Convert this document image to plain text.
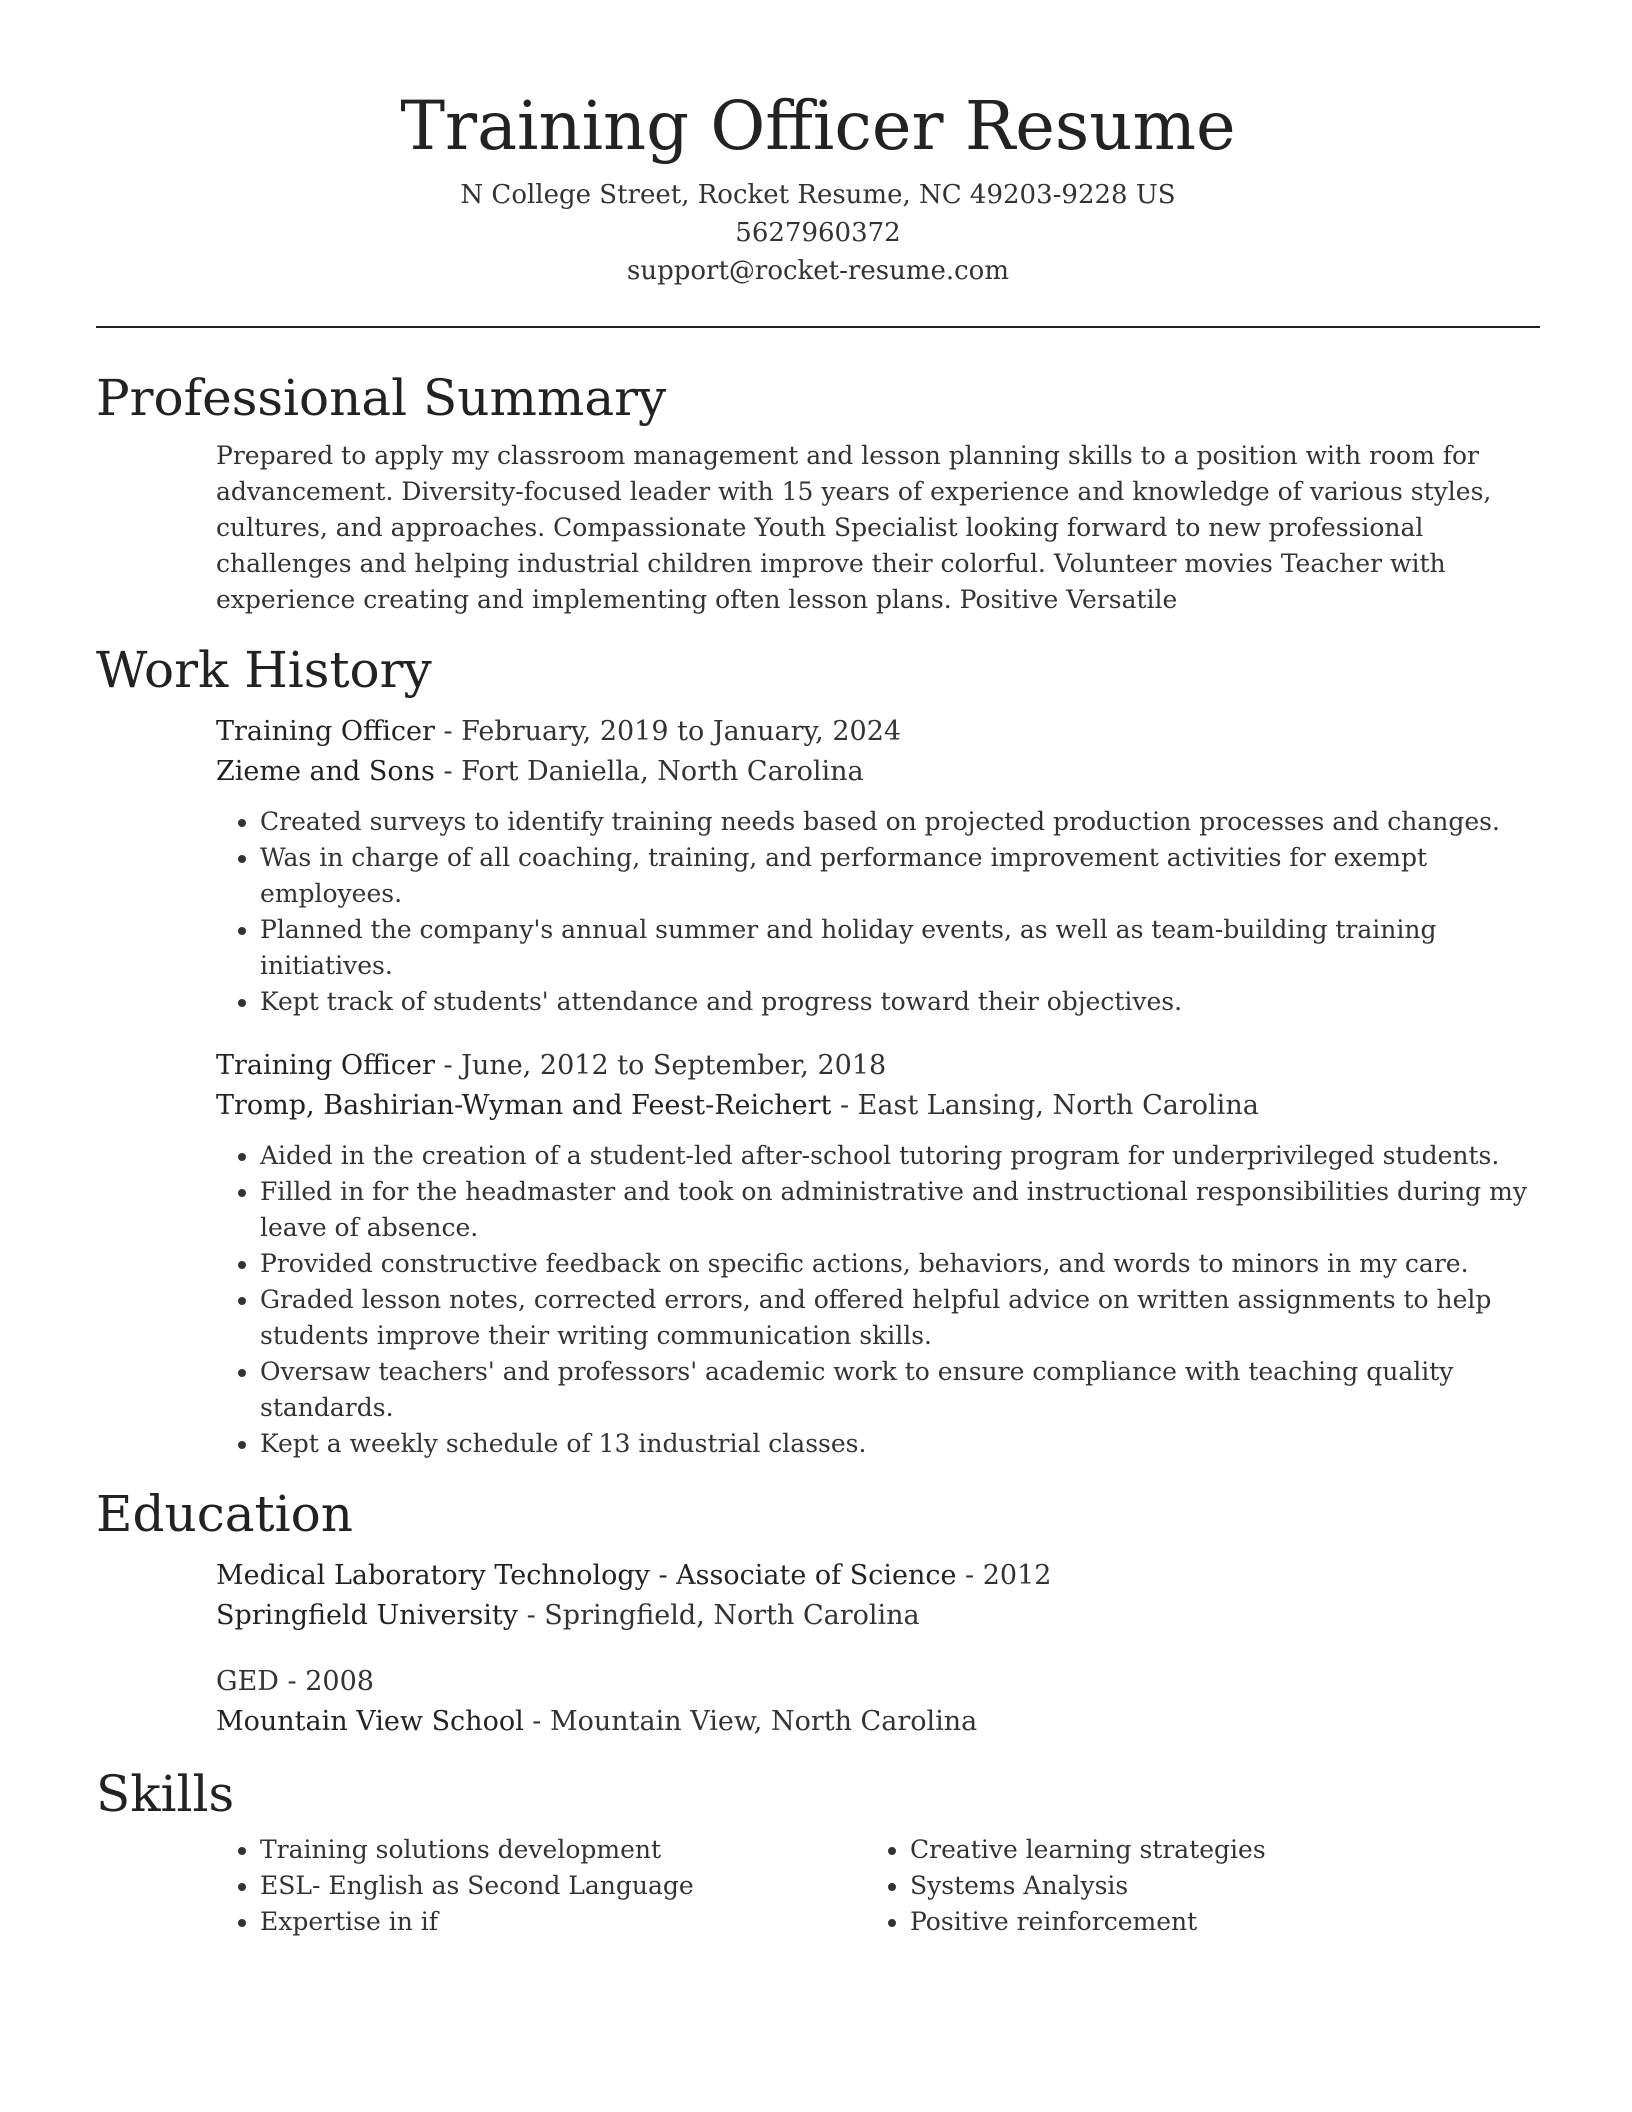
Training Officer Resume
N College Street, Rocket Resume, NC 49203-9228 US
5627960372
support@rocket-resume.com
Professional Summary

Prepared to apply my classroom management and lesson planning skills to a position with room for advancement. Diversity-focused leader with 15 years of experience and knowledge of various styles, cultures, and approaches. Compassionate Youth Specialist looking forward to new professional challenges and helping industrial children improve their colorful. Volunteer movies Teacher with experience creating and implementing often lesson plans. Positive Versatile

Work History
Training Officer - February, 2019 to January, 2024
Zieme and Sons - Fort Daniella, North Carolina
• Created surveys to identify training needs based on projected production processes and changes.
• Was in charge of all coaching, training, and performance improvement activities for exempt employees.
• Planned the company's annual summer and holiday events, as well as team-building training initiatives.
• Kept track of students' attendance and progress toward their objectives.
Training Officer - June, 2012 to September, 2018
Tromp, Bashirian-Wyman and Feest-Reichert - East Lansing, North Carolina
• Aided in the creation of a student-led after-school tutoring program for underprivileged students.
• Filled in for the headmaster and took on administrative and instructional responsibilities during my leave of absence.
• Provided constructive feedback on specific actions, behaviors, and words to minors in my care.
• Graded lesson notes, corrected errors, and offered helpful advice on written assignments to help students improve their writing communication skills.
• Oversaw teachers' and professors' academic work to ensure compliance with teaching quality standards.
• Kept a weekly schedule of 13 industrial classes.
Education
Medical Laboratory Technology - Associate of Science - 2012
Springfield University - Springfield, North Carolina
GED - 2008
Mountain View School - Mountain View, North Carolina
Skills
• Training solutions development
• ESL- English as Second Language
• Expertise in if
• Creative learning strategies
• Systems Analysis
• Positive reinforcement
